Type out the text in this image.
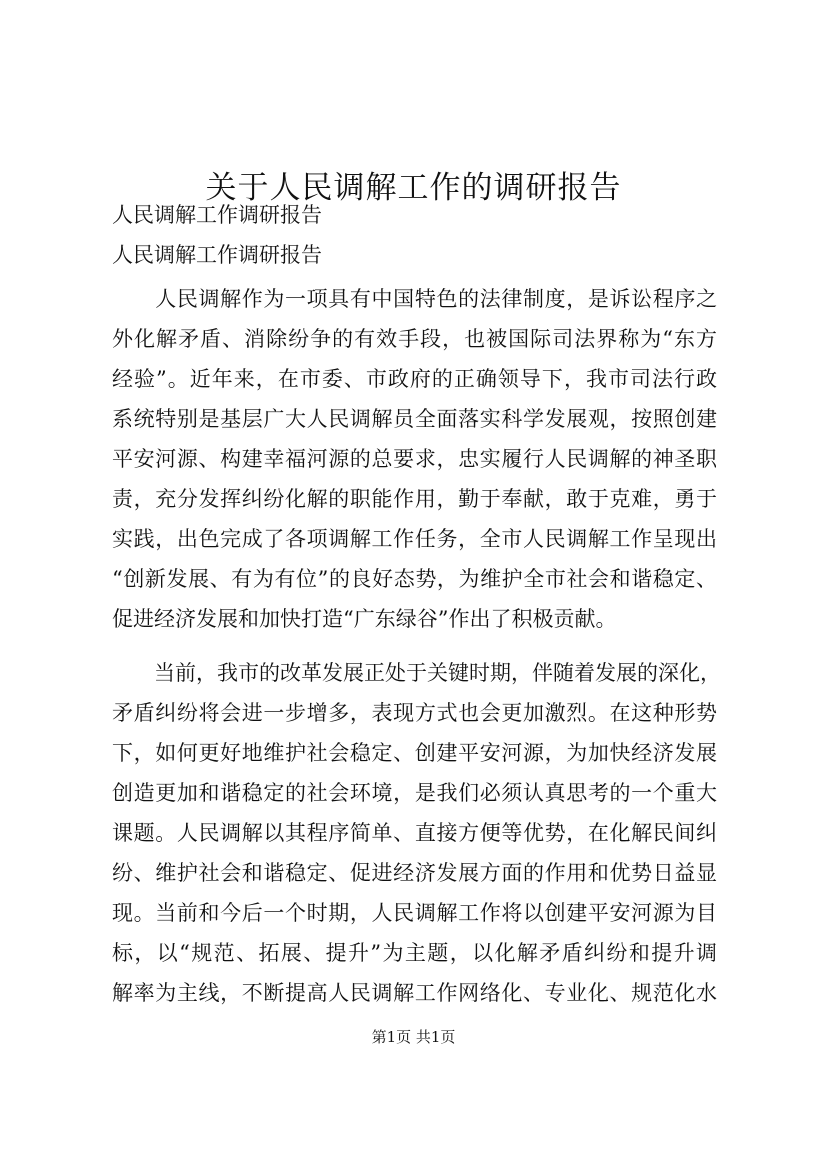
关于人民调解工作的调研报告

人民调解工作调研报告

人民调解工作调研报告

　　人民调解作为一项具有中国特色的法律制度，是诉讼程序之

外化解矛盾、消除纷争的有效手段，也被国际司法界称为“东方

经验”。近年来，在市委、市政府的正确领导下，我市司法行政

系统特别是基层广大人民调解员全面落实科学发展观，按照创建

平安河源、构建幸福河源的总要求，忠实履行人民调解的神圣职

责，充分发挥纠纷化解的职能作用，勤于奉献，敢于克难，勇于

实践，出色完成了各项调解工作任务，全市人民调解工作呈现出

“创新发展、有为有位”的良好态势，为维护全市社会和谐稳定、

促进经济发展和加快打造“广东绿谷”作出了积极贡献。

　　当前，我市的改革发展正处于关键时期，伴随着发展的深化，

矛盾纠纷将会进一步增多，表现方式也会更加激烈。在这种形势

下，如何更好地维护社会稳定、创建平安河源，为加快经济发展

创造更加和谐稳定的社会环境，是我们必须认真思考的一个重大

课题。人民调解以其程序简单、直接方便等优势，在化解民间纠

纷、维护社会和谐稳定、促进经济发展方面的作用和优势日益显

现。当前和今后一个时期，人民调解工作将以创建平安河源为目

标，以“规范、拓展、提升”为主题，以化解矛盾纠纷和提升调

解率为主线，不断提高人民调解工作网络化、专业化、规范化水

第1页 共1页
